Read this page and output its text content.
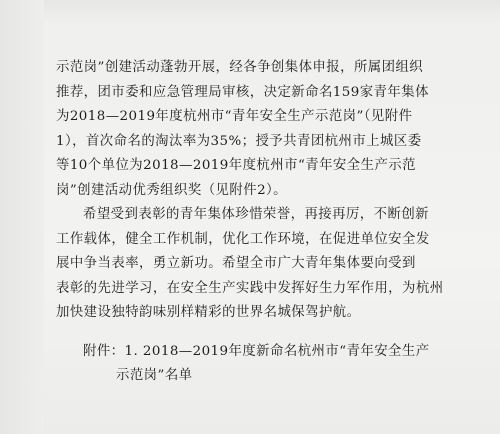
示范岗”创建活动蓬勃开展，经各争创集体申报，所属团组织
推荐，团市委和应急管理局审核，决定新命名159家青年集体
为2018—2019年度杭州市“青年安全生产示范岗”（见附件
1），首次命名的淘汰率为35%；授予共青团杭州市上城区委
等10个单位为2018—2019年度杭州市“青年安全生产示范
岗”创建活动优秀组织奖（见附件2）。
希望受到表彰的青年集体珍惜荣誉，再接再厉，不断创新
工作载体，健全工作机制，优化工作环境，在促进单位安全发
展中争当表率，勇立新功。希望全市广大青年集体要向受到
表彰的先进学习，在安全生产实践中发挥好生力军作用，为杭州
加快建设独特韵味别样精彩的世界名城保驾护航。
附件：1. 2018—2019年度新命名杭州市“青年安全生产
示范岗”名单
